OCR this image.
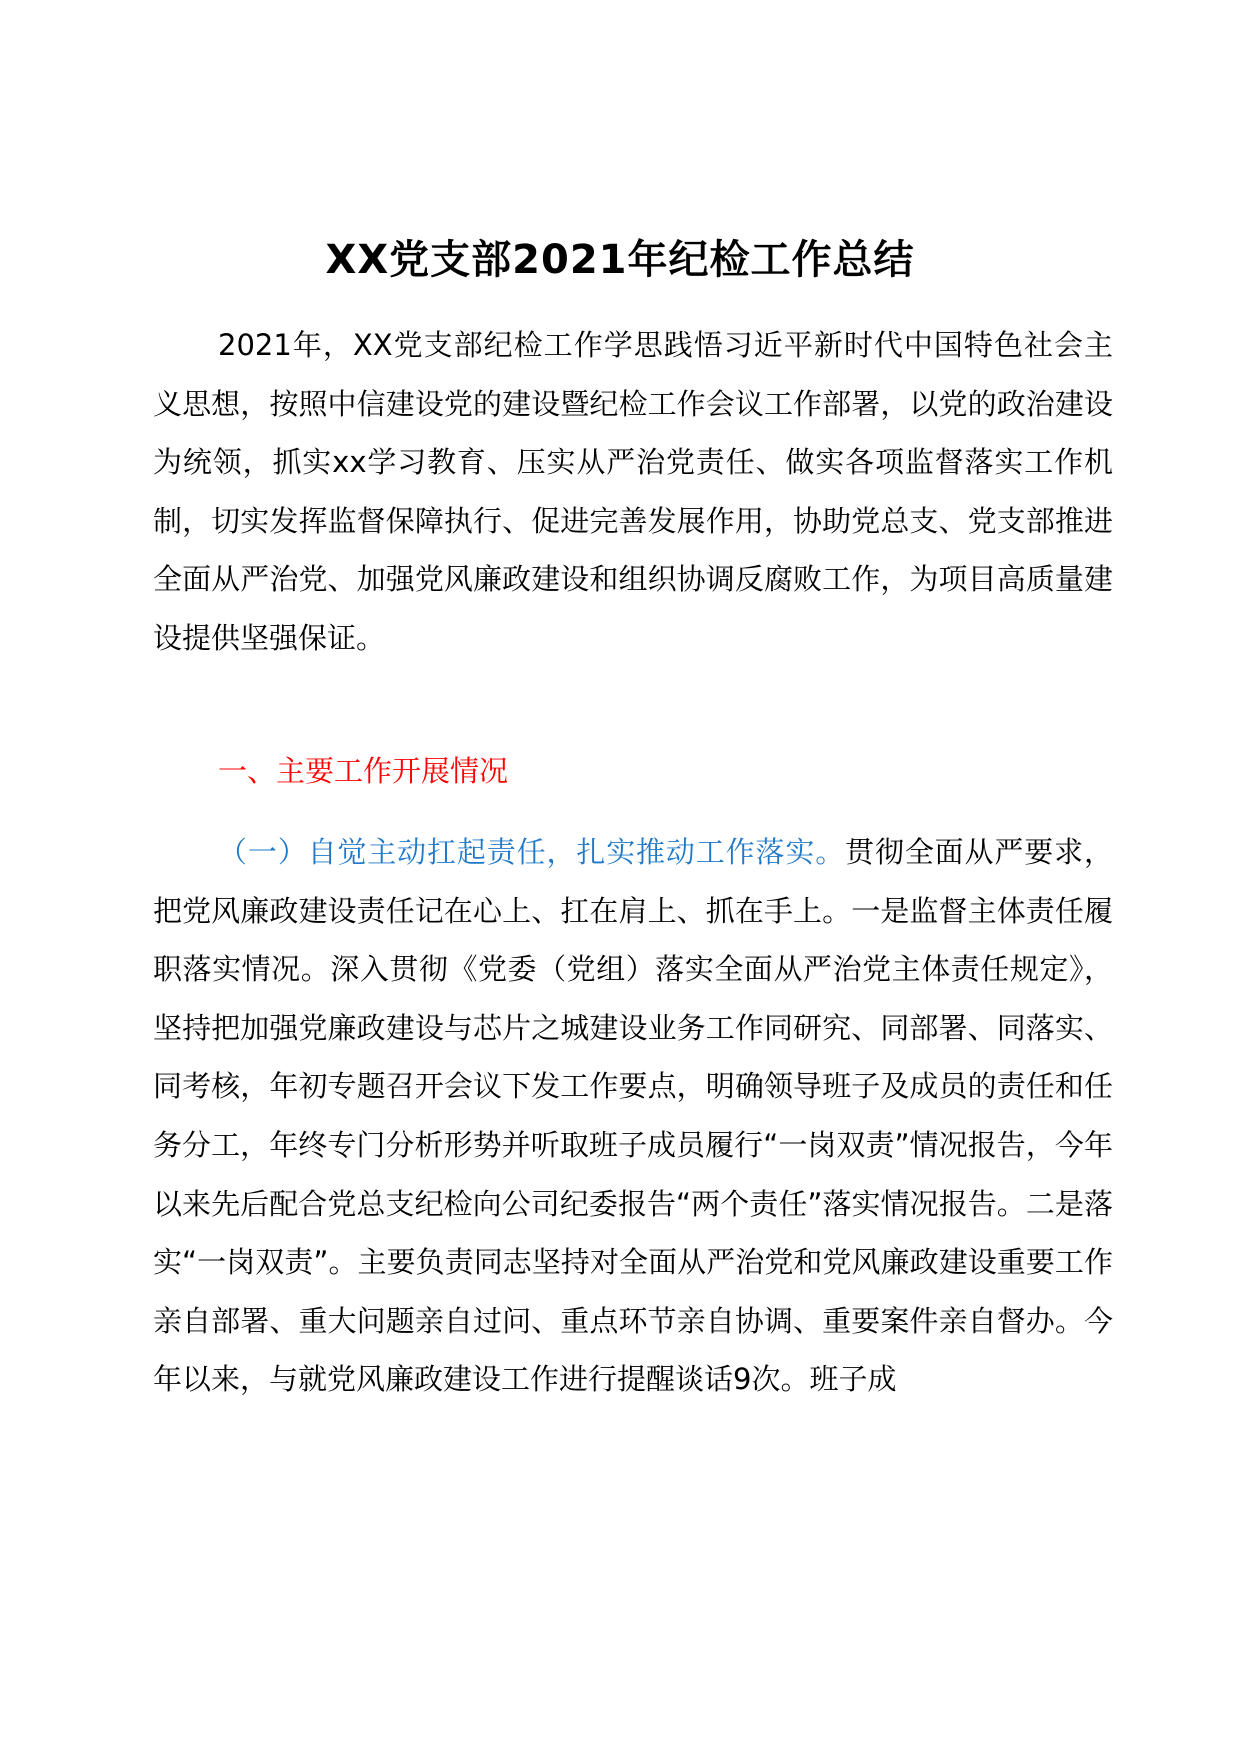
XX党支部2021年纪检工作总结

2021年，XX党支部纪检工作学思践悟习近平新时代中国特色社会主义思想，按照中信建设党的建设暨纪检工作会议工作部署，以党的政治建设为统领，抓实xx学习教育、压实从严治党责任、做实各项监督落实工作机制，切实发挥监督保障执行、促进完善发展作用，协助党总支、党支部推进全面从严治党、加强党风廉政建设和组织协调反腐败工作，为项目高质量建设提供坚强保证。

一、主要工作开展情况

（一）自觉主动扛起责任，扎实推动工作落实。贯彻全面从严要求，把党风廉政建设责任记在心上、扛在肩上、抓在手上。一是监督主体责任履职落实情况。深入贯彻《党委（党组）落实全面从严治党主体责任规定》，坚持把加强党廉政建设与芯片之城建设业务工作同研究、同部署、同落实、同考核，年初专题召开会议下发工作要点，明确领导班子及成员的责任和任务分工，年终专门分析形势并听取班子成员履行“一岗双责”情况报告，今年以来先后配合党总支纪检向公司纪委报告“两个责任”落实情况报告。二是落实“一岗双责”。主要负责同志坚持对全面从严治党和党风廉政建设重要工作亲自部署、重大问题亲自过问、重点环节亲自协调、重要案件亲自督办。今年以来，与就党风廉政建设工作进行提醒谈话9次。班子成
